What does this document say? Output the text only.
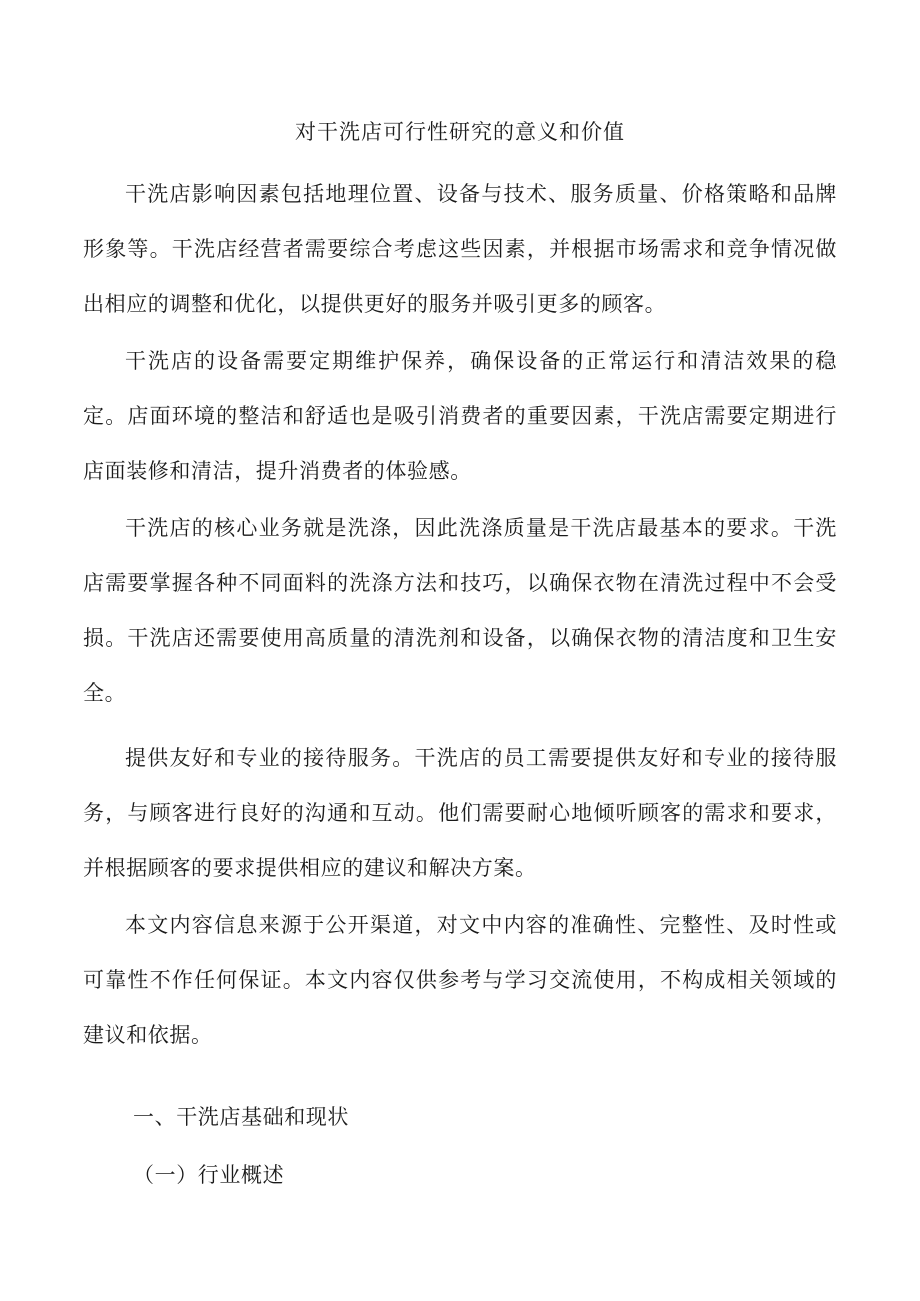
对干洗店可行性研究的意义和价值

干洗店影响因素包括地理位置、设备与技术、服务质量、价格策略和品牌形象等。干洗店经营者需要综合考虑这些因素，并根据市场需求和竞争情况做出相应的调整和优化，以提供更好的服务并吸引更多的顾客。

干洗店的设备需要定期维护保养，确保设备的正常运行和清洁效果的稳定。店面环境的整洁和舒适也是吸引消费者的重要因素，干洗店需要定期进行店面装修和清洁，提升消费者的体验感。

干洗店的核心业务就是洗涤，因此洗涤质量是干洗店最基本的要求。干洗店需要掌握各种不同面料的洗涤方法和技巧，以确保衣物在清洗过程中不会受损。干洗店还需要使用高质量的清洗剂和设备，以确保衣物的清洁度和卫生安全。

提供友好和专业的接待服务。干洗店的员工需要提供友好和专业的接待服务，与顾客进行良好的沟通和互动。他们需要耐心地倾听顾客的需求和要求，并根据顾客的要求提供相应的建议和解决方案。

本文内容信息来源于公开渠道，对文中内容的准确性、完整性、及时性或可靠性不作任何保证。本文内容仅供参考与学习交流使用，不构成相关领域的建议和依据。

一、干洗店基础和现状
（一）行业概述
